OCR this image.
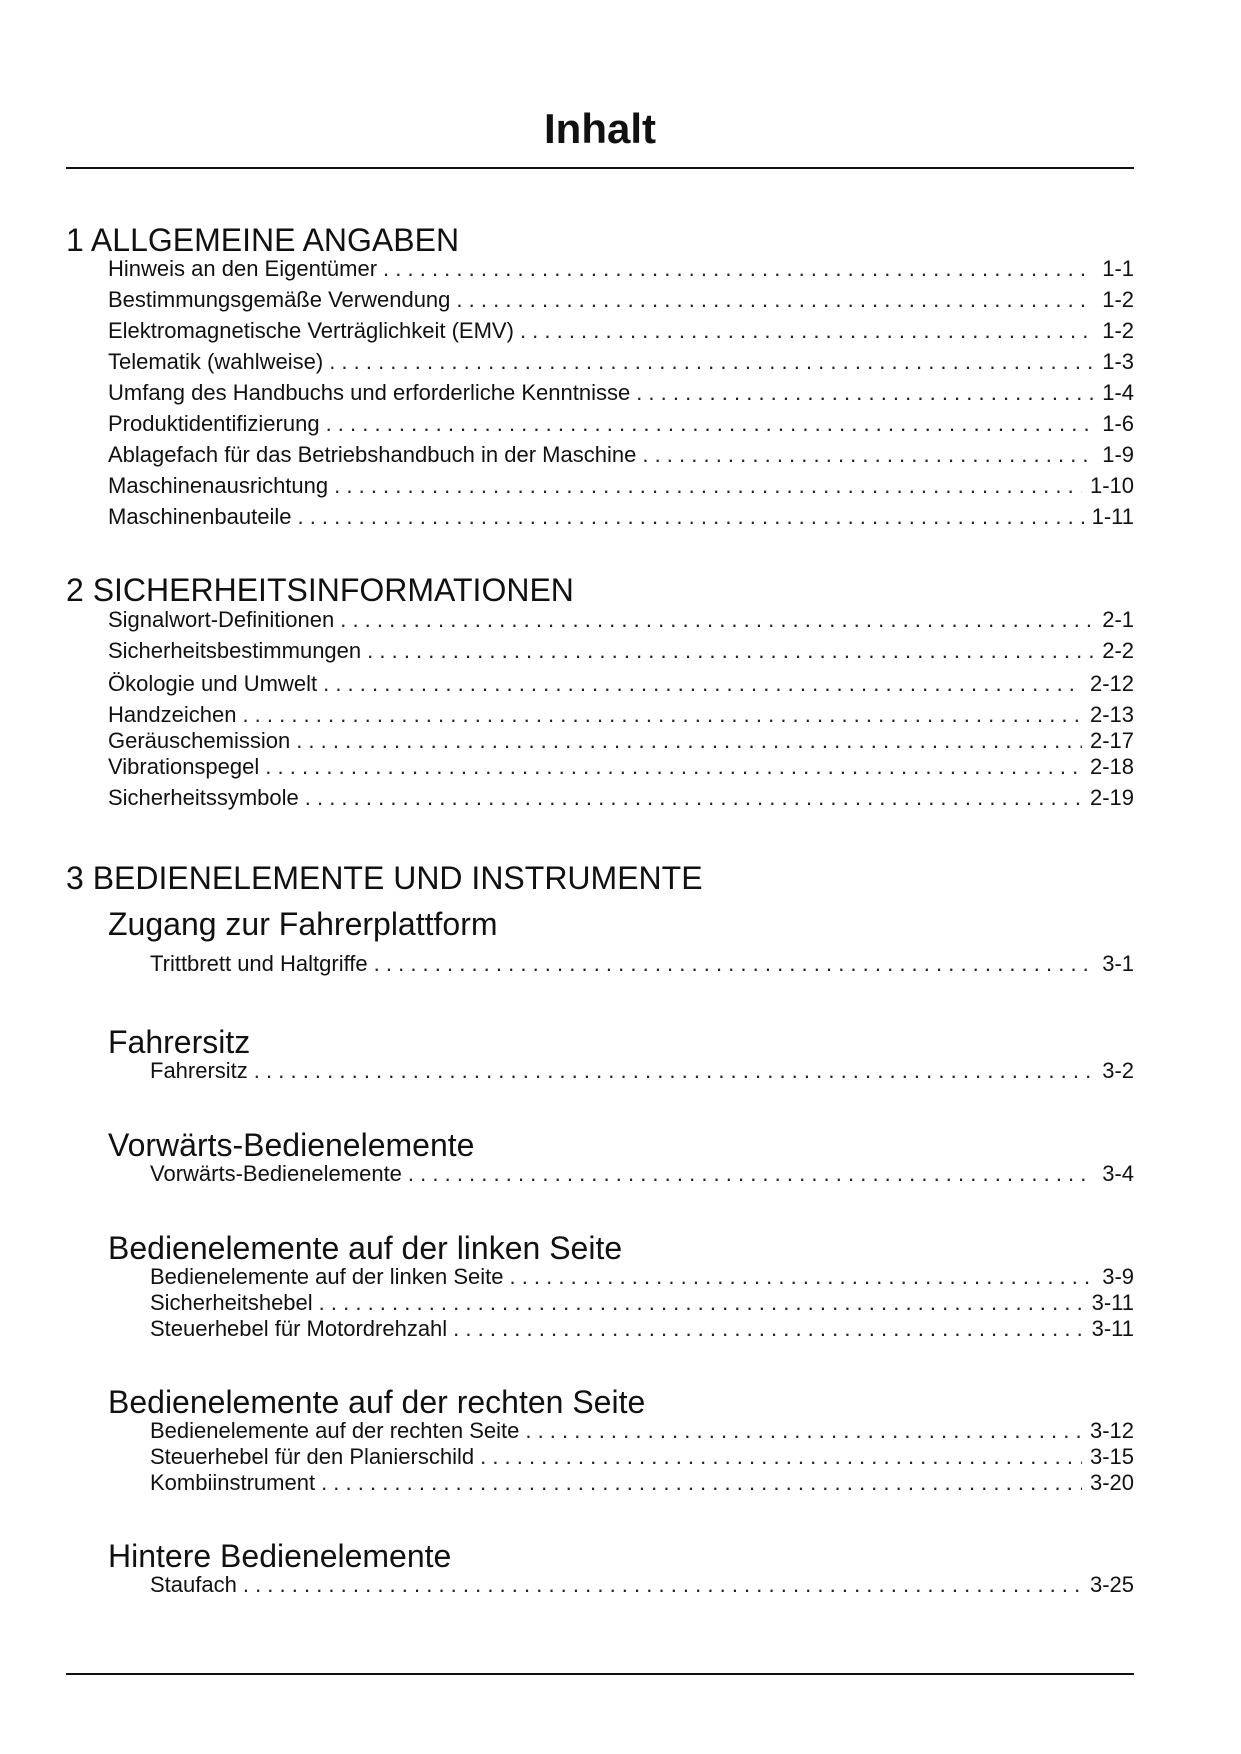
Inhalt
1 ALLGEMEINE ANGABEN
Hinweis an den Eigentümer . . .	1-1
Bestimmungsgemäße Verwendung . . .	1-2
Elektromagnetische Verträglichkeit (EMV) . . .	1-2
Telematik (wahlweise) . . .	1-3
Umfang des Handbuchs und erforderliche Kenntnisse . . .	1-4
Produktidentifizierung . . .	1-6
Ablagefach für das Betriebshandbuch in der Maschine . . .	1-9
Maschinenausrichtung . . .	1-10
Maschinenbauteile . . .	1-11
2 SICHERHEITSINFORMATIONEN
Signalwort-Definitionen . . .	2-1
Sicherheitsbestimmungen . . .	2-2
Ökologie und Umwelt . . .	2-12
Handzeichen . . .	2-13
Geräuschemission . . .	2-17
Vibrationspegel . . .	2-18
Sicherheitssymbole . . .	2-19
3 BEDIENELEMENTE UND INSTRUMENTE
Zugang zur Fahrerplattform
Trittbrett und Haltgriffe . . .	3-1
Fahrersitz
Fahrersitz . . .	3-2
Vorwärts-Bedienelemente
Vorwärts-Bedienelemente . . .	3-4
Bedienelemente auf der linken Seite
Bedienelemente auf der linken Seite . . .	3-9
Sicherheitshebel . . .	3-11
Steuerhebel für Motordrehzahl . . .	3-11
Bedienelemente auf der rechten Seite
Bedienelemente auf der rechten Seite . . .	3-12
Steuerhebel für den Planierschild . . .	3-15
Kombiinstrument . . .	3-20
Hintere Bedienelemente
Staufach . . .	3-25
